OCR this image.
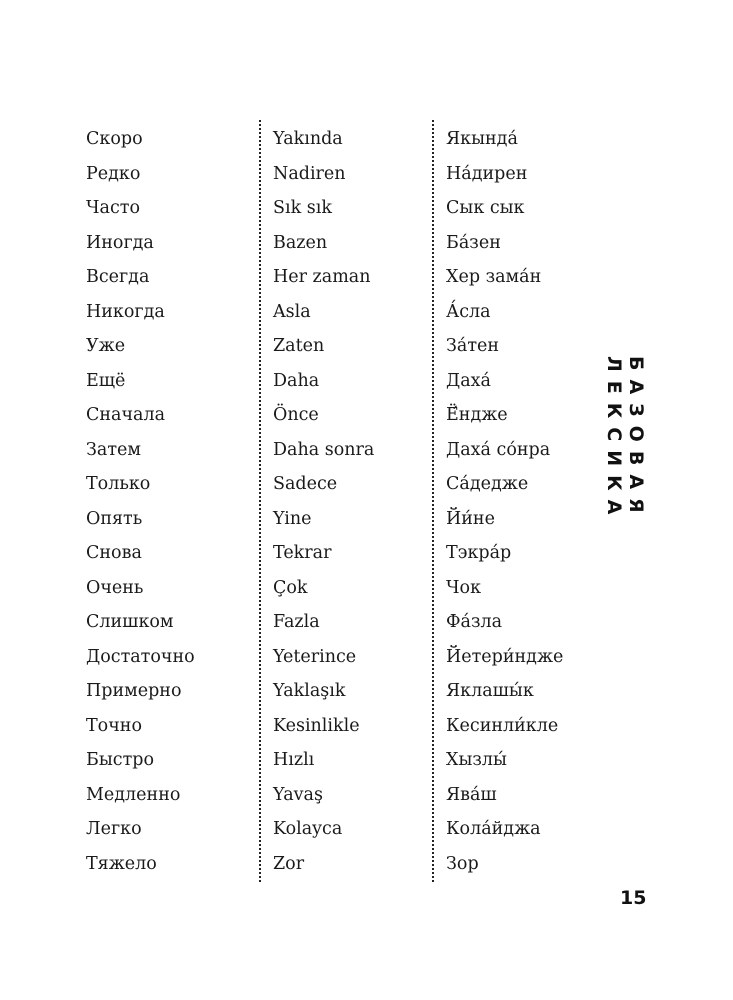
Скоро
Редко
Часто
Иногда
Всегда
Никогда
Уже
Ещё
Сначала
Затем
Только
Опять
Снова
Очень
Слишком
Достаточно
Примерно
Точно
Быстро
Медленно
Легко
Тяжело
Yakında
Nadiren
Sık sık
Bazen
Her zaman
Asla
Zaten
Daha
Önce
Daha sonra
Sadece
Yine
Tekrar
Çok
Fazla
Yeterince
Yaklaşık
Kesinlikle
Hızlı
Yavaş
Kolayca
Zor
Якында́
На́дирен
Сык сык
Ба́зен
Хер зама́н
А́сла
За́тен
Даха́
Ё́ндже
Даха́ со́нра
Са́дедже
Йи́не
Тэкра́р
Чок
Фа́зла
Йетери́ндже
Яклашы́к
Кесинли́кле
Хызлы́
Ява́ш
Кола́йджа
Зор
БАЗОВАЯ ЛЕКСИКА
15
